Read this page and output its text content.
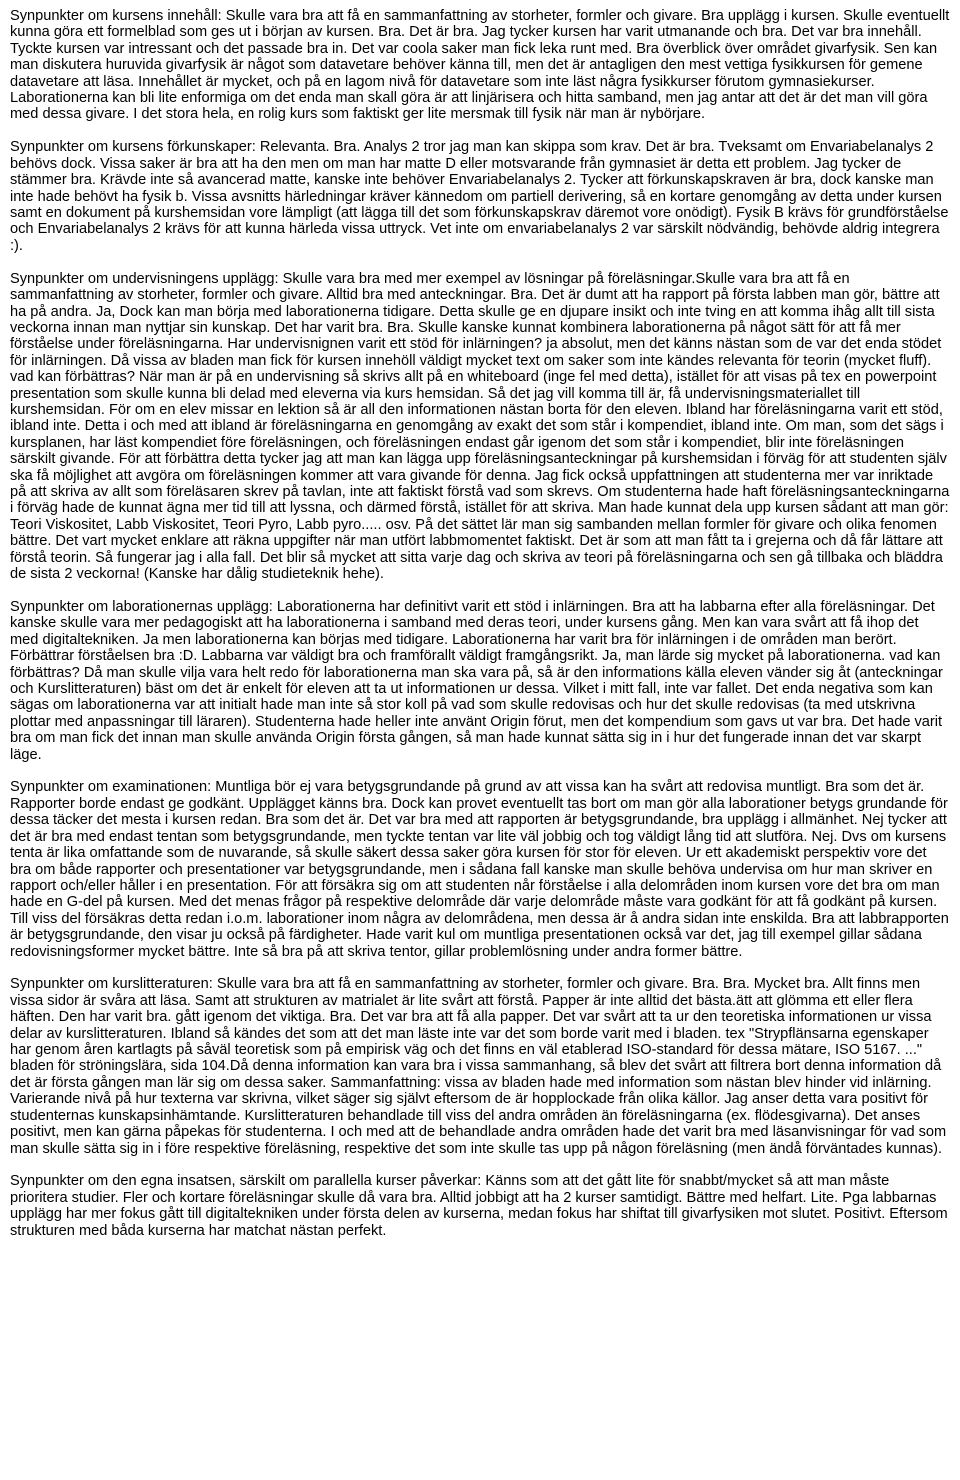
Synpunkter om kursens innehåll: Skulle vara bra att få en sammanfattning av storheter, formler och givare. Bra upplägg i kursen. Skulle eventuellt kunna göra ett formelblad som ges ut i början av kursen. Bra. Det är bra. Jag tycker kursen har varit utmanande och bra. Det var bra innehåll. Tyckte kursen var intressant och det passade bra in. Det var coola saker man fick leka runt med. Bra överblick över området givarfysik. Sen kan man diskutera huruvida givarfysik är något som datavetare behöver känna till, men det är antagligen den mest vettiga fysikkursen för gemene datavetare att läsa. Innehållet är mycket, och på en lagom nivå för datavetare som inte läst några fysikkurser förutom gymnasiekurser. Laborationerna kan bli lite enformiga om det enda man skall göra är att linjärisera och hitta samband, men jag antar att det är det man vill göra med dessa givare. I det stora hela, en rolig kurs som faktiskt ger lite mersmak till fysik när man är nybörjare.

Synpunkter om kursens förkunskaper: Relevanta. Bra. Analys 2 tror jag man kan skippa som krav. Det är bra. Tveksamt om Envariabelanalys 2 behövs dock. Vissa saker är bra att ha den men om man har matte D eller motsvarande från gymnasiet är detta ett problem. Jag tycker de stämmer bra. Krävde inte så avancerad matte, kanske inte behöver Envariabelanalys 2. Tycker att förkunskapskraven är bra, dock kanske man inte hade behövt ha fysik b. Vissa avsnitts härledningar kräver kännedom om partiell derivering, så en kortare genomgång av detta under kursen samt en dokument på kurshemsidan vore lämpligt (att lägga till det som förkunskapskrav däremot vore onödigt). Fysik B krävs för grundförståelse och Envariabelanalys 2 krävs för att kunna härleda vissa uttryck. Vet inte om envariabelanalys 2 var särskilt nödvändig, behövde aldrig integrera :).

Synpunkter om undervisningens upplägg: Skulle vara bra med mer exempel av lösningar på föreläsningar.Skulle vara bra att få en sammanfattning av storheter, formler och givare. Alltid bra med anteckningar. Bra. Det är dumt att ha rapport på första labben man gör, bättre att ha på andra. Ja, Dock kan man börja med laborationerna tidigare. Detta skulle ge en djupare insikt och inte tving en att komma ihåg allt till sista veckorna innan man nyttjar sin kunskap. Det har varit bra. Bra. Skulle kanske kunnat kombinera laborationerna på något sätt för att få mer förståelse under föreläsningarna. Har undervisnignen varit ett stöd för inlärningen? ja absolut, men det känns nästan som de var det enda stödet för inlärningen. Då vissa av bladen man fick för kursen innehöll väldigt mycket text om saker som inte kändes relevanta för teorin (mycket fluff). vad kan förbättras? När man är på en undervisning så skrivs allt på en whiteboard (inge fel med detta), istället för att visas på tex en powerpoint presentation som skulle kunna bli delad med eleverna via kurs hemsidan. Så det jag vill komma till är, få undervisningsmateriallet till kurshemsidan. För om en elev missar en lektion så är all den informationen nästan borta för den eleven. Ibland har föreläsningarna varit ett stöd, ibland inte. Detta i och med att ibland är föreläsningarna en genomgång av exakt det som står i kompendiet, ibland inte. Om man, som det sägs i kursplanen, har läst kompendiet före föreläsningen, och föreläsningen endast går igenom det som står i kompendiet, blir inte föreläsningen särskilt givande. För att förbättra detta tycker jag att man kan lägga upp föreläsningsanteckningar på kurshemsidan i förväg för att studenten själv ska få möjlighet att avgöra om föreläsningen kommer att vara givande för denna. Jag fick också uppfattningen att studenterna mer var inriktade på att skriva av allt som föreläsaren skrev på tavlan, inte att faktiskt förstå vad som skrevs. Om studenterna hade haft föreläsningsanteckningarna i förväg hade de kunnat ägna mer tid till att lyssna, och därmed förstå, istället för att skriva. Man hade kunnat dela upp kursen sådant att man gör: Teori Viskositet, Labb Viskositet, Teori Pyro, Labb pyro..... osv. På det sättet lär man sig sambanden mellan formler för givare och olika fenomen bättre. Det vart mycket enklare att räkna uppgifter när man utfört labbmomentet faktiskt. Det är som att man fått ta i grejerna och då får lättare att förstå teorin. Så fungerar jag i alla fall. Det blir så mycket att sitta varje dag och skriva av teori på föreläsningarna och sen gå tillbaka och bläddra de sista 2 veckorna! (Kanske har dålig studieteknik hehe).

Synpunkter om laborationernas upplägg: Laborationerna har definitivt varit ett stöd i inlärningen. Bra att ha labbarna efter alla föreläsningar. Det kanske skulle vara mer pedagogiskt att ha laborationerna i samband med deras teori, under kursens gång. Men kan vara svårt att få ihop det med digitaltekniken. Ja men laborationerna kan börjas med tidigare. Laborationerna har varit bra för inlärningen i de områden man berört. Förbättrar förståelsen bra :D. Labbarna var väldigt bra och framförallt väldigt framgångsrikt. Ja, man lärde sig mycket på laborationerna. vad kan förbättras? Då man skulle vilja vara helt redo för laborationerna man ska vara på, så är den informations källa eleven vänder sig åt (anteckningar och Kurslitteraturen) bäst om det är enkelt för eleven att ta ut informationen ur dessa. Vilket i mitt fall, inte var fallet. Det enda negativa som kan sägas om laborationerna var att initialt hade man inte så stor koll på vad som skulle redovisas och hur det skulle redovisas (ta med utskrivna plottar med anpassningar till läraren). Studenterna hade heller inte använt Origin förut, men det kompendium som gavs ut var bra. Det hade varit bra om man fick det innan man skulle använda Origin första gången, så man hade kunnat sätta sig in i hur det fungerade innan det var skarpt läge.

Synpunkter om examinationen: Muntliga bör ej vara betygsgrundande på grund av att vissa kan ha svårt att redovisa muntligt. Bra som det är. Rapporter borde endast ge godkänt. Upplägget känns bra. Dock kan provet eventuellt tas bort om man gör alla laborationer betygs grundande för dessa täcker det mesta i kursen redan. Bra som det är. Det var bra med att rapporten är betygsgrundande, bra upplägg i allmänhet. Nej tycker att det är bra med endast tentan som betygsgrundande, men tyckte tentan var lite väl jobbig och tog väldigt lång tid att slutföra. Nej. Dvs om kursens tenta är lika omfattande som de nuvarande, så skulle säkert dessa saker göra kursen för stor för eleven. Ur ett akademiskt perspektiv vore det bra om både rapporter och presentationer var betygsgrundande, men i sådana fall kanske man skulle behöva undervisa om hur man skriver en rapport och/eller håller i en presentation. För att försäkra sig om att studenten når förståelse i alla delområden inom kursen vore det bra om man hade en G-del på kursen. Med det menas frågor på respektive delområde där varje delområde måste vara godkänt för att få godkänt på kursen. Till viss del försäkras detta redan i.o.m. laborationer inom några av delområdena, men dessa är å andra sidan inte enskilda. Bra att labbrapporten är betygsgrundande, den visar ju också på färdigheter. Hade varit kul om muntliga presentationen också var det, jag till exempel gillar sådana redovisningsformer mycket bättre. Inte så bra på att skriva tentor, gillar problemlösning under andra former bättre.

Synpunkter om kurslitteraturen: Skulle vara bra att få en sammanfattning av storheter, formler och givare. Bra. Bra. Mycket bra. Allt finns men vissa sidor är svåra att läsa. Samt att strukturen av matrialet är lite svårt att förstå. Papper är inte alltid det bästa.ätt att glömma ett eller flera häften. Den har varit bra. gått igenom det viktiga. Bra. Det var bra att få alla papper. Det var svårt att ta ur den teoretiska informationen ur vissa delar av kurslitteraturen. Ibland så kändes det som att det man läste inte var det som borde varit med i bladen. tex "Strypflänsarna egenskaper har genom åren kartlagts på såväl teoretisk som på empirisk väg och det finns en väl etablerad ISO-standard för dessa mätare, ISO 5167. ..." bladen för ströningslära, sida 104.Då denna information kan vara bra i vissa sammanhang, så blev det svårt att filtrera bort denna information då det är första gången man lär sig om dessa saker. Sammanfattning: vissa av bladen hade med information som nästan blev hinder vid inlärning. Varierande nivå på hur texterna var skrivna, vilket säger sig självt eftersom de är hopplockade från olika källor. Jag anser detta vara positivt för studenternas kunskapsinhämtande. Kurslitteraturen behandlade till viss del andra områden än föreläsningarna (ex. flödesgivarna). Det anses positivt, men kan gärna påpekas för studenterna. I och med att de behandlade andra områden hade det varit bra med läsanvisningar för vad som man skulle sätta sig in i före respektive föreläsning, respektive det som inte skulle tas upp på någon föreläsning (men ändå förväntades kunnas).

Synpunkter om den egna insatsen, särskilt om parallella kurser påverkar: Känns som att det gått lite för snabbt/mycket så att man måste prioritera studier. Fler och kortare föreläsningar skulle då vara bra. Alltid jobbigt att ha 2 kurser samtidigt. Bättre med helfart. Lite. Pga labbarnas upplägg har mer fokus gått till digitaltekniken under första delen av kurserna, medan fokus har shiftat till givarfysiken mot slutet. Positivt. Eftersom strukturen med båda kurserna har matchat nästan perfekt.
